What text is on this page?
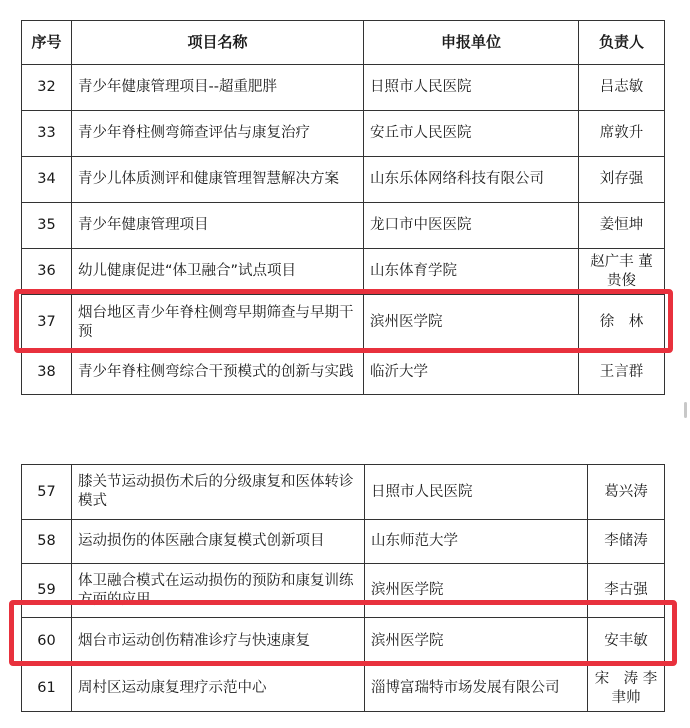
序号	项目名称	申报单位	负责人
32	青少年健康管理项目--超重肥胖	日照市人民医院	吕志敏
33	青少年脊柱侧弯筛查评估与康复治疗	安丘市人民医院	席敦升
34	青少儿体质测评和健康管理智慧解决方案	山东乐体网络科技有限公司	刘存强
35	青少年健康管理项目	龙口市中医医院	姜恒坤
36	幼儿健康促进“体卫融合”试点项目	山东体育学院	赵广丰 董贵俊
37	烟台地区青少年脊柱侧弯早期筛查与早期干预	滨州医学院	徐　林
38	青少年脊柱侧弯综合干预模式的创新与实践	临沂大学	王言群
57	膝关节运动损伤术后的分级康复和医体转诊模式	日照市人民医院	葛兴涛
58	运动损伤的体医融合康复模式创新项目	山东师范大学	李储涛
59	体卫融合模式在运动损伤的预防和康复训练方面的应用	滨州医学院	李古强
60	烟台市运动创伤精准诊疗与快速康复	滨州医学院	安丰敏
61	周村区运动康复理疗示范中心	淄博富瑞特市场发展有限公司	宋　涛 李聿帅
